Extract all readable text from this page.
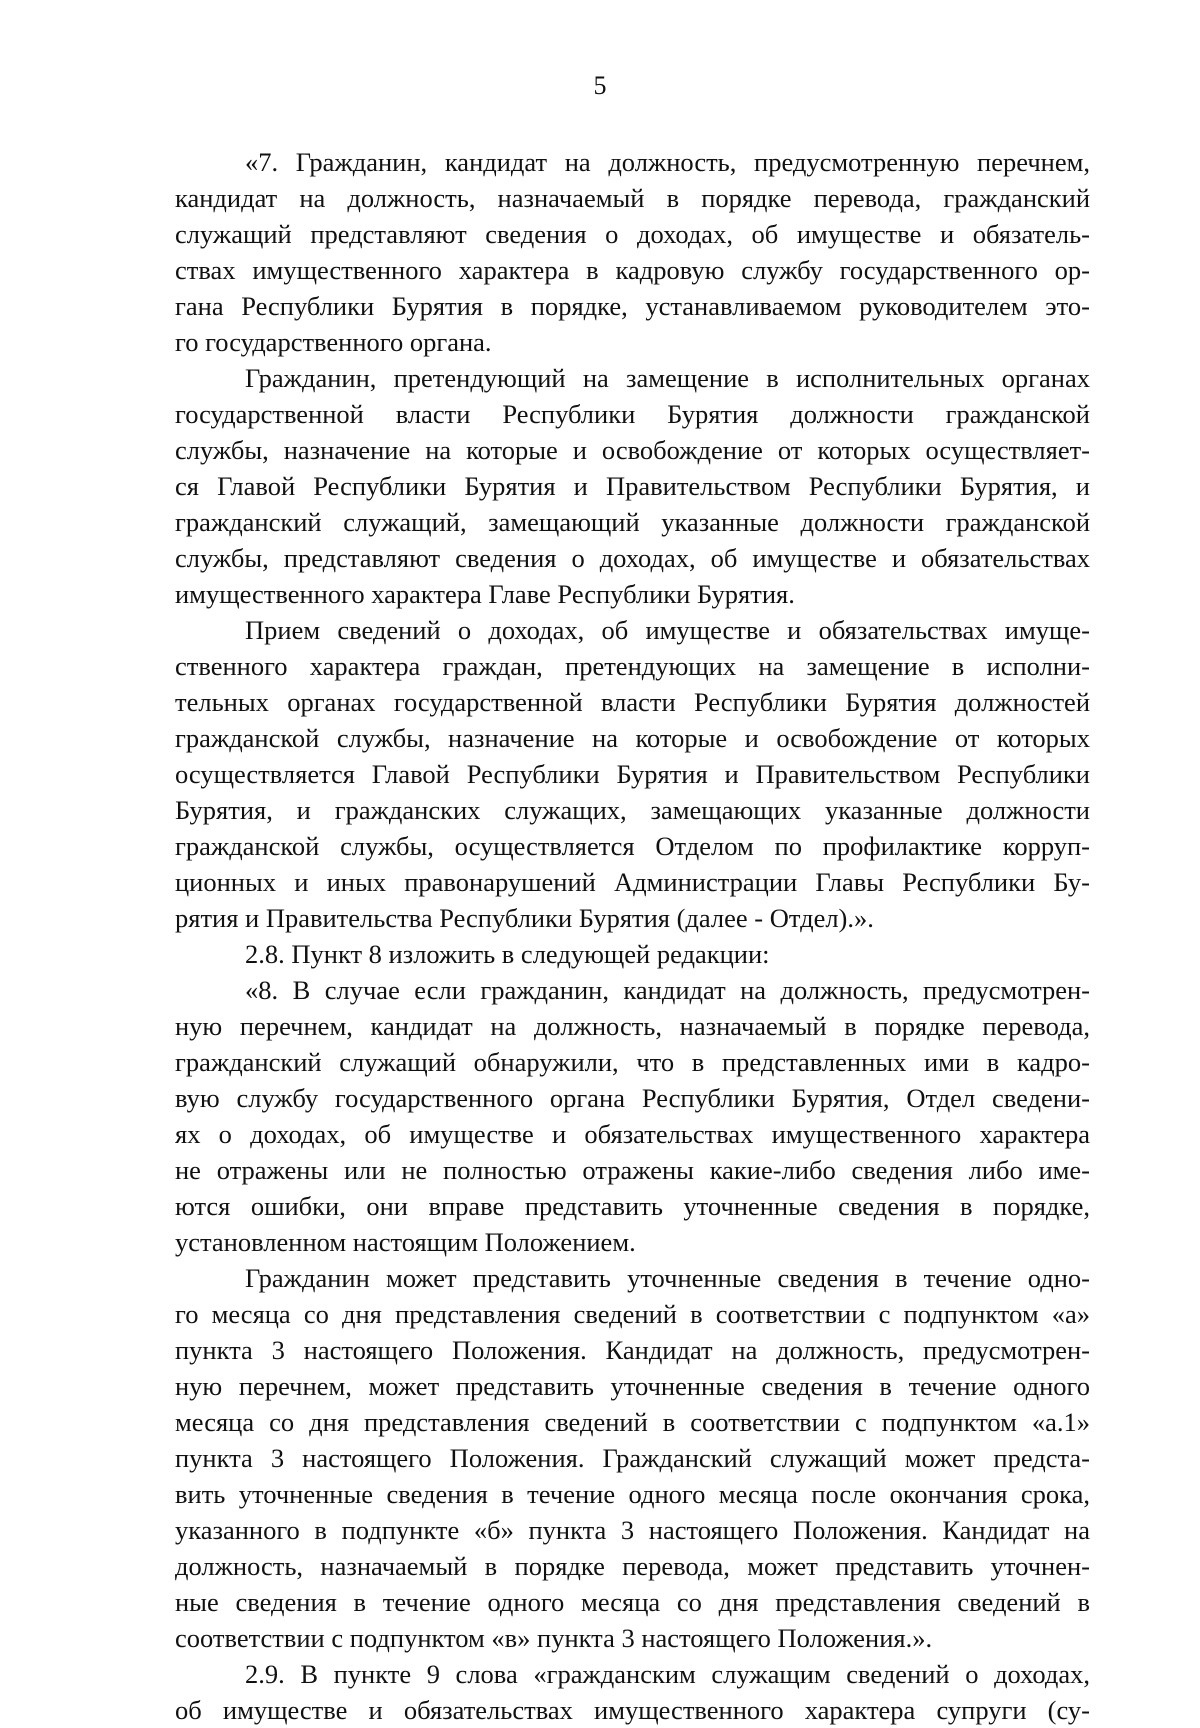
5
«7. Гражданин, кандидат на должность, предусмотренную перечнем,
кандидат на должность, назначаемый в порядке перевода, гражданский
служащий представляют сведения о доходах, об имуществе и обязатель-
ствах имущественного характера в кадровую службу государственного ор-
гана Республики Бурятия в порядке, устанавливаемом руководителем это-
го государственного органа.
Гражданин, претендующий на замещение в исполнительных органах
государственной власти Республики Бурятия должности гражданской
службы, назначение на которые и освобождение от которых осуществляет-
ся Главой Республики Бурятия и Правительством Республики Бурятия, и
гражданский служащий, замещающий указанные должности гражданской
службы, представляют сведения о доходах, об имуществе и обязательствах
имущественного характера Главе Республики Бурятия.
Прием сведений о доходах, об имуществе и обязательствах имуще-
ственного характера граждан, претендующих на замещение в исполни-
тельных органах государственной власти Республики Бурятия должностей
гражданской службы, назначение на которые и освобождение от которых
осуществляется Главой Республики Бурятия и Правительством Республики
Бурятия, и гражданских служащих, замещающих указанные должности
гражданской службы, осуществляется Отделом по профилактике корруп-
ционных и иных правонарушений Администрации Главы Республики Бу-
рятия и Правительства Республики Бурятия (далее - Отдел).».
2.8. Пункт 8 изложить в следующей редакции:
«8. В случае если гражданин, кандидат на должность, предусмотрен-
ную перечнем, кандидат на должность, назначаемый в порядке перевода,
гражданский служащий обнаружили, что в представленных ими в кадро-
вую службу государственного органа Республики Бурятия, Отдел сведени-
ях о доходах, об имуществе и обязательствах имущественного характера
не отражены или не полностью отражены какие-либо сведения либо име-
ются ошибки, они вправе представить уточненные сведения в порядке,
установленном настоящим Положением.
Гражданин может представить уточненные сведения в течение одно-
го месяца со дня представления сведений в соответствии с подпунктом «а»
пункта 3 настоящего Положения. Кандидат на должность, предусмотрен-
ную перечнем, может представить уточненные сведения в течение одного
месяца со дня представления сведений в соответствии с подпунктом «а.1»
пункта 3 настоящего Положения. Гражданский служащий может предста-
вить уточненные сведения в течение одного месяца после окончания срока,
указанного в подпункте «б» пункта 3 настоящего Положения. Кандидат на
должность, назначаемый в порядке перевода, может представить уточнен-
ные сведения в течение одного месяца со дня представления сведений в
соответствии с подпунктом «в» пункта 3 настоящего Положения.».
2.9. В пункте 9 слова «гражданским служащим сведений о доходах,
об имуществе и обязательствах имущественного характера супруги (су-
